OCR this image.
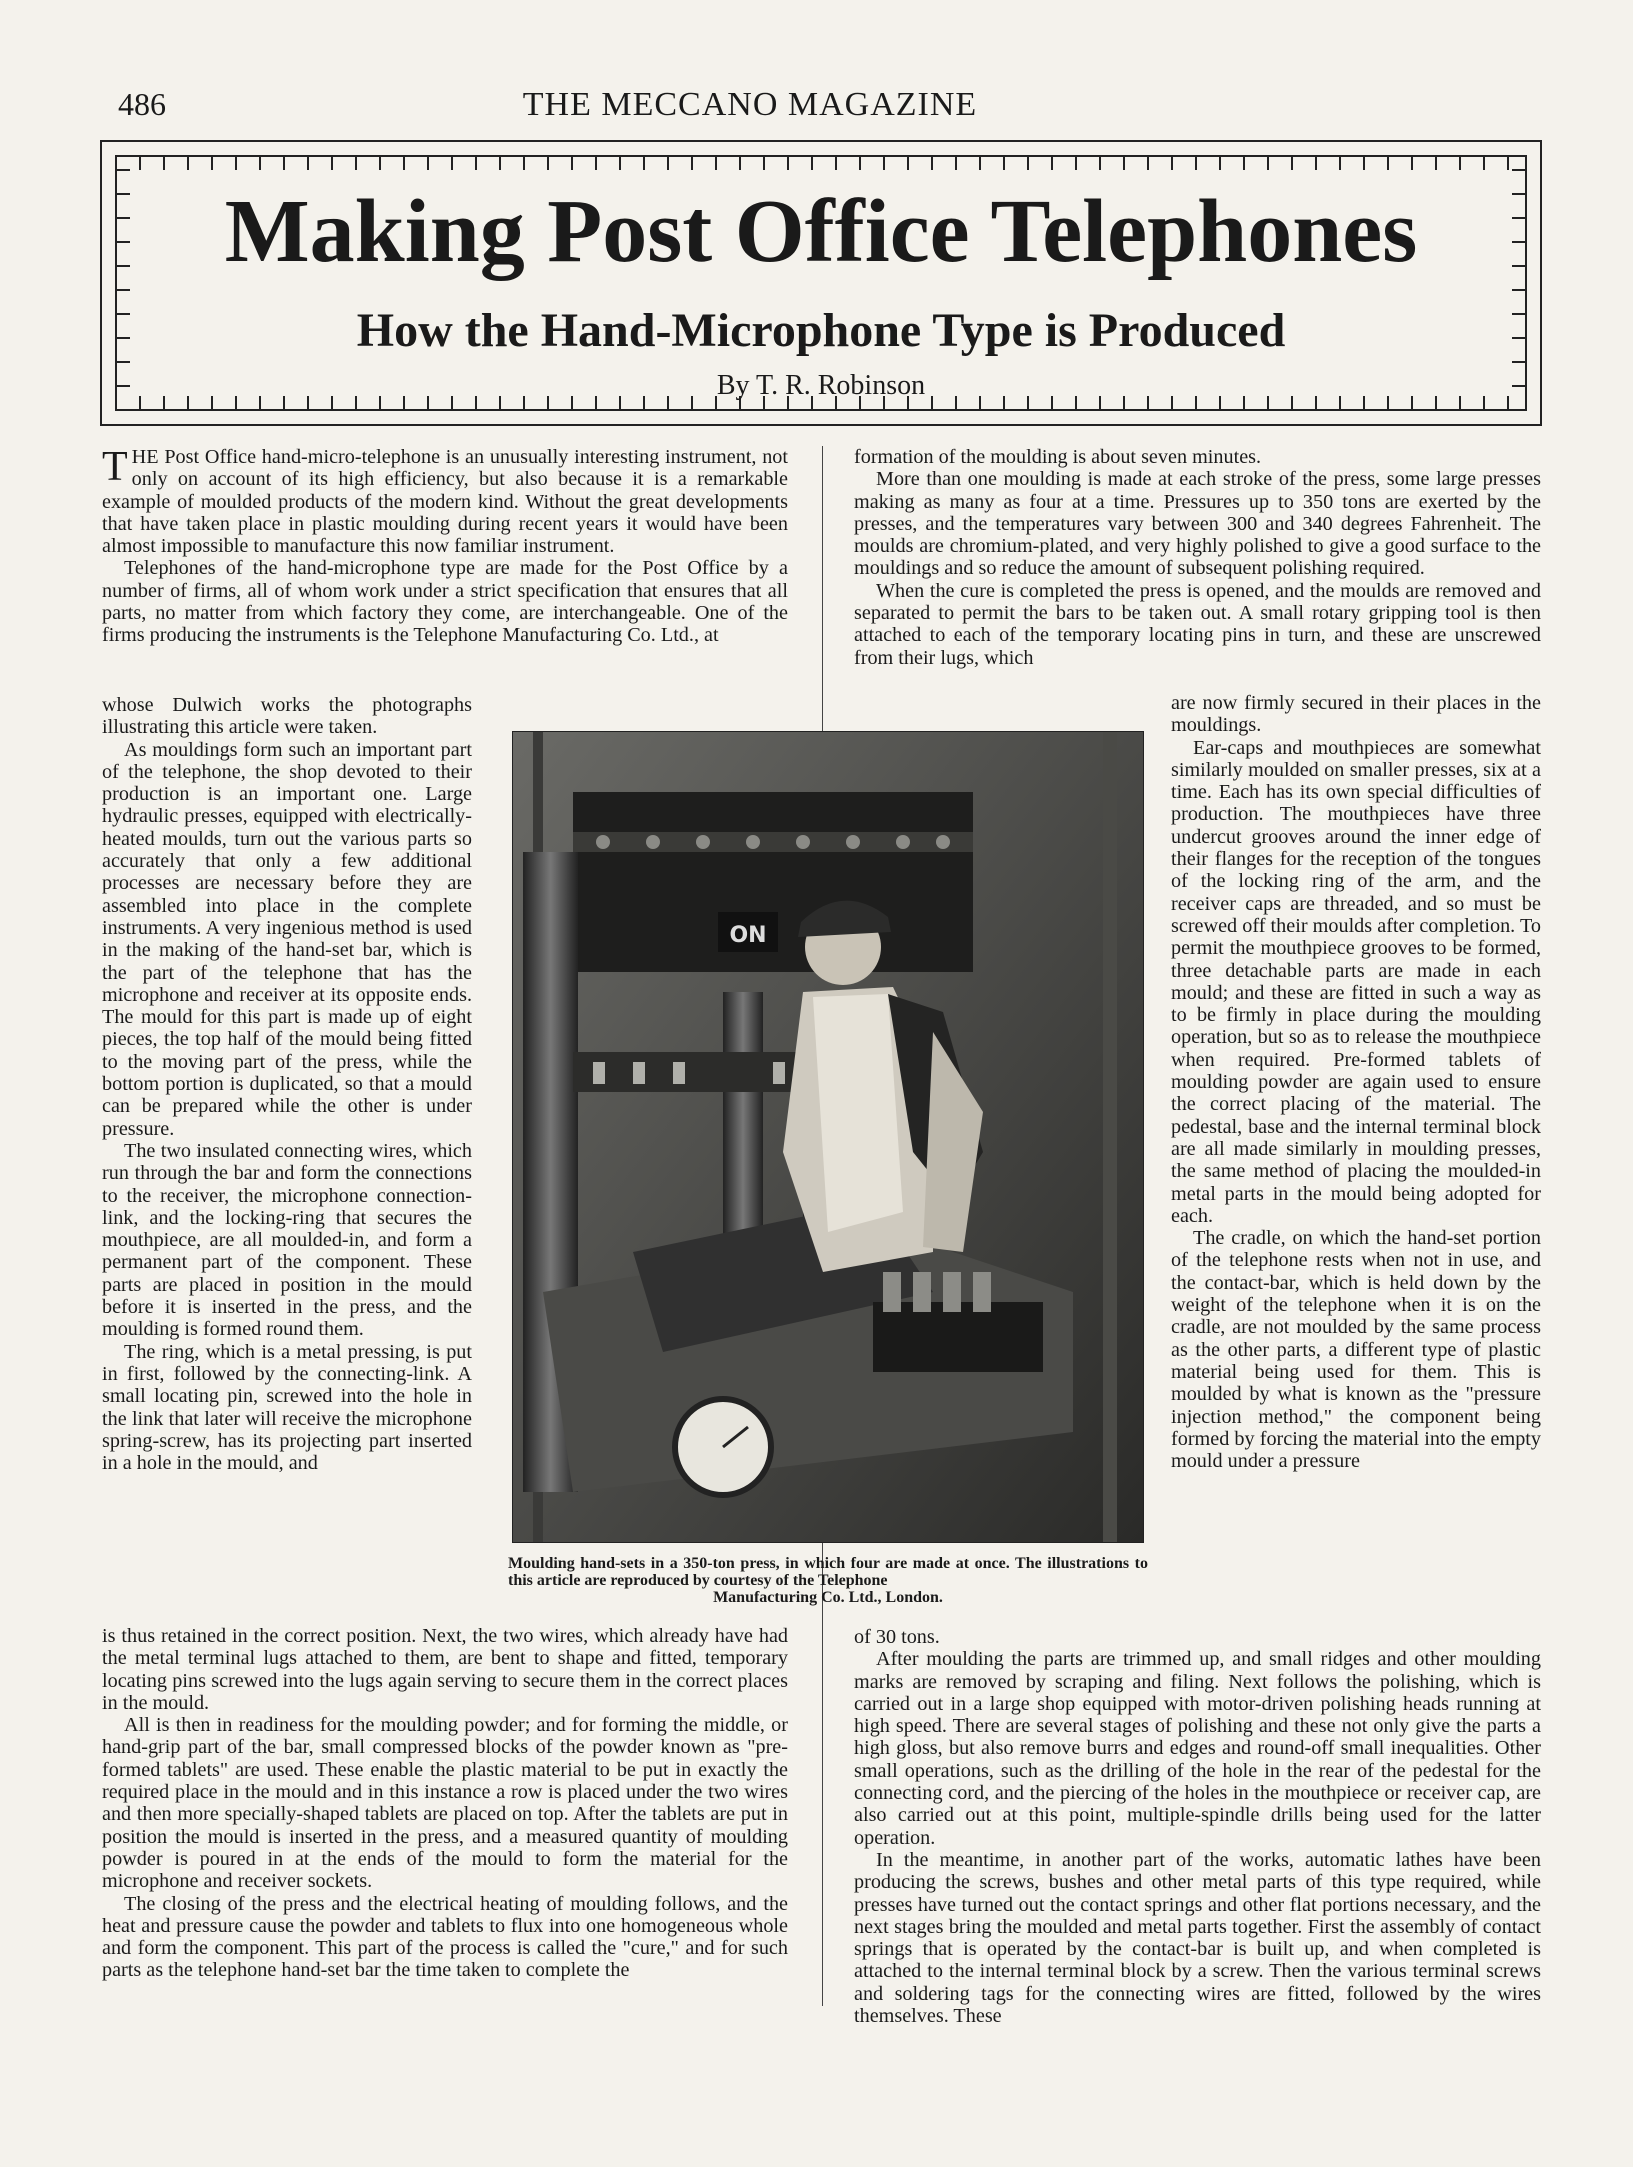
486	THE MECCANO MAGAZINE
Making Post Office Telephones
How the Hand-Microphone Type is Produced
By T. R. Robinson

THE Post Office hand-micro-telephone is an unusually interesting instrument, not only on account of its high efficiency, but also because it is a remarkable example of moulded products of the modern kind. Without the great developments that have taken place in plastic moulding during recent years it would have been almost impossible to manufacture this now familiar instrument.

Telephones of the hand-microphone type are made for the Post Office by a number of firms, all of whom work under a strict specification that ensures that all parts, no matter from which factory they come, are interchangeable. One of the firms producing the instruments is the Telephone Manufacturing Co. Ltd., at

whose Dulwich works the photographs illustrating this article were taken.

As mouldings form such an important part of the telephone, the shop devoted to their production is an important one. Large hydraulic presses, equipped with electrically-heated moulds, turn out the various parts so accurately that only a few additional processes are necessary before they are assembled into place in the complete instruments. A very ingenious method is used in the making of the hand-set bar, which is the part of the telephone that has the microphone and receiver at its opposite ends. The mould for this part is made up of eight pieces, the top half of the mould being fitted to the moving part of the press, while the bottom portion is duplicated, so that a mould can be prepared while the other is under pressure.

The two insulated connecting wires, which run through the bar and form the connections to the receiver, the microphone connection-link, and the locking-ring that secures the mouthpiece, are all moulded-in, and form a permanent part of the component. These parts are placed in position in the mould before it is inserted in the press, and the moulding is formed round them.

The ring, which is a metal pressing, is put in first, followed by the connecting-link. A small locating pin, screwed into the hole in the link that later will receive the microphone spring-screw, has its projecting part inserted in a hole in the mould, and

is thus retained in the correct position. Next, the two wires, which already have had the metal terminal lugs attached to them, are bent to shape and fitted, temporary locating pins screwed into the lugs again serving to secure them in the correct places in the mould.

All is then in readiness for the moulding powder; and for forming the middle, or hand-grip part of the bar, small compressed blocks of the powder known as "pre-formed tablets" are used. These enable the plastic material to be put in exactly the required place in the mould and in this instance a row is placed under the two wires and then more specially-shaped tablets are placed on top. After the tablets are put in position the mould is inserted in the press, and a measured quantity of moulding powder is poured in at the ends of the mould to form the material for the microphone and receiver sockets.

The closing of the press and the electrical heating of moulding follows, and the heat and pressure cause the powder and tablets to flux into one homogeneous whole and form the component. This part of the process is called the "cure," and for such parts as the telephone hand-set bar the time taken to complete the

formation of the moulding is about seven minutes.

More than one moulding is made at each stroke of the press, some large presses making as many as four at a time. Pressures up to 350 tons are exerted by the presses, and the temperatures vary between 300 and 340 degrees Fahrenheit. The moulds are chromium-plated, and very highly polished to give a good surface to the mouldings and so reduce the amount of subsequent polishing required.

When the cure is completed the press is opened, and the moulds are removed and separated to permit the bars to be taken out. A small rotary gripping tool is then attached to each of the temporary locating pins in turn, and these are unscrewed from their lugs, which

are now firmly secured in their places in the mouldings.

Ear-caps and mouthpieces are somewhat similarly moulded on smaller presses, six at a time. Each has its own special difficulties of production. The mouthpieces have three undercut grooves around the inner edge of their flanges for the reception of the tongues of the locking ring of the arm, and the receiver caps are threaded, and so must be screwed off their moulds after completion. To permit the mouthpiece grooves to be formed, three detachable parts are made in each mould; and these are fitted in such a way as to be firmly in place during the moulding operation, but so as to release the mouthpiece when required. Pre-formed tablets of moulding powder are again used to ensure the correct placing of the material. The pedestal, base and the internal terminal block are all made similarly in moulding presses, the same method of placing the moulded-in metal parts in the mould being adopted for each.

The cradle, on which the hand-set portion of the telephone rests when not in use, and the contact-bar, which is held down by the weight of the telephone when it is on the cradle, are not moulded by the same process as the other parts, a different type of plastic material being used for them. This is moulded by what is known as the "pressure injection method," the component being formed by forcing the material into the empty mould under a pressure

of 30 tons.

After moulding the parts are trimmed up, and small ridges and other moulding marks are removed by scraping and filing. Next follows the polishing, which is carried out in a large shop equipped with motor-driven polishing heads running at high speed. There are several stages of polishing and these not only give the parts a high gloss, but also remove burrs and edges and round-off small inequalities. Other small operations, such as the drilling of the hole in the rear of the pedestal for the connecting cord, and the piercing of the holes in the mouthpiece or receiver cap, are also carried out at this point, multiple-spindle drills being used for the latter operation.

In the meantime, in another part of the works, automatic lathes have been producing the screws, bushes and other metal parts of this type required, while presses have turned out the contact springs and other flat portions necessary, and the next stages bring the moulded and metal parts together. First the assembly of contact springs that is operated by the contact-bar is built up, and when completed is attached to the internal terminal block by a screw. Then the various terminal screws and soldering tags for the connecting wires are fitted, followed by the wires themselves. These

ON
Moulding hand-sets in a 350-ton press, in which four are made at once. The illustrations to this article are reproduced by courtesy of the Telephone
Manufacturing Co. Ltd., London.
